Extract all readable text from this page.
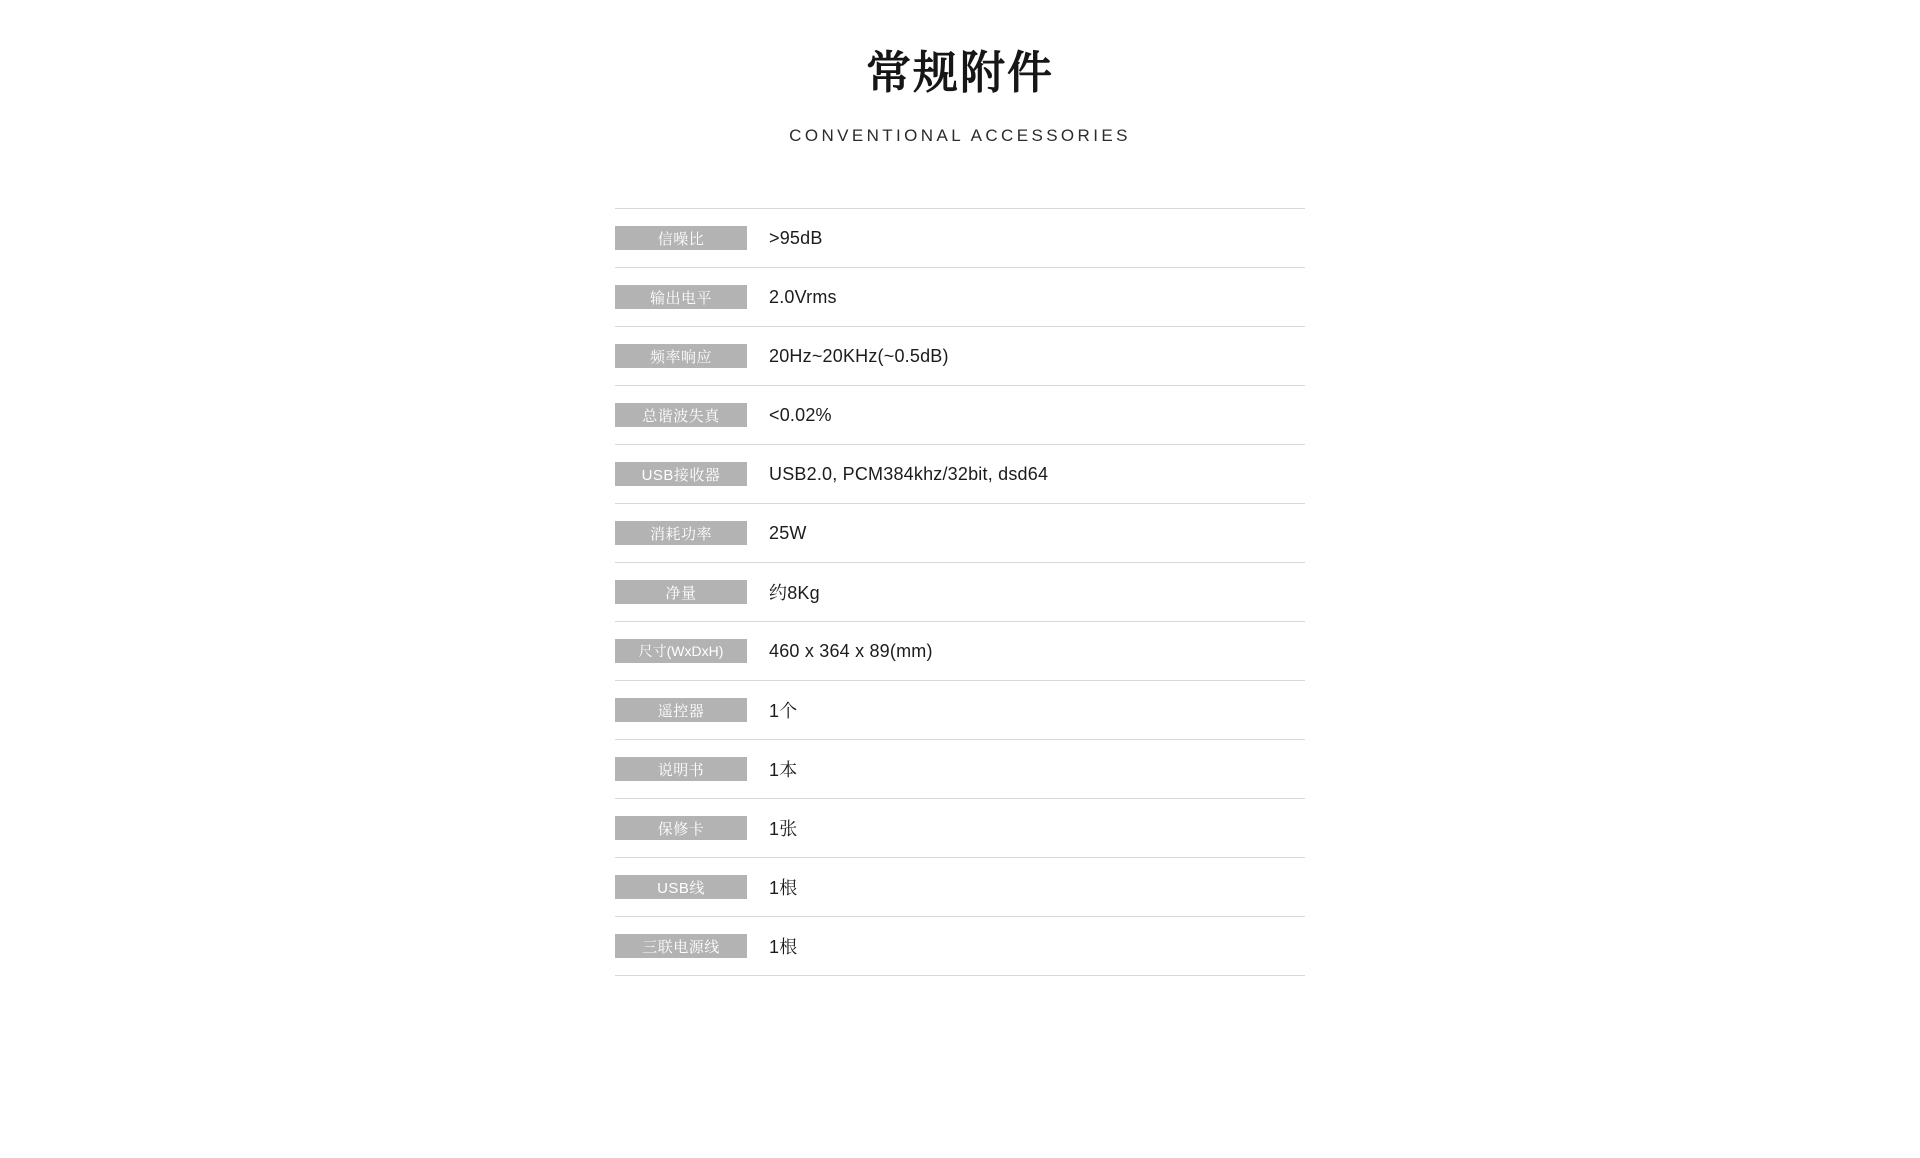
常规附件
CONVENTIONAL ACCESSORIES
信噪比	>95dB
输出电平	2.0Vrms
频率响应	20Hz~20KHz(~0.5dB)
总谐波失真	<0.02%
USB接收器	USB2.0, PCM384khz/32bit, dsd64
消耗功率	25W
净量	约8Kg
尺寸(WxDxH)	460 x 364 x 89(mm)
遥控器	1个
说明书	1本
保修卡	1张
USB线	1根
三联电源线	1根
